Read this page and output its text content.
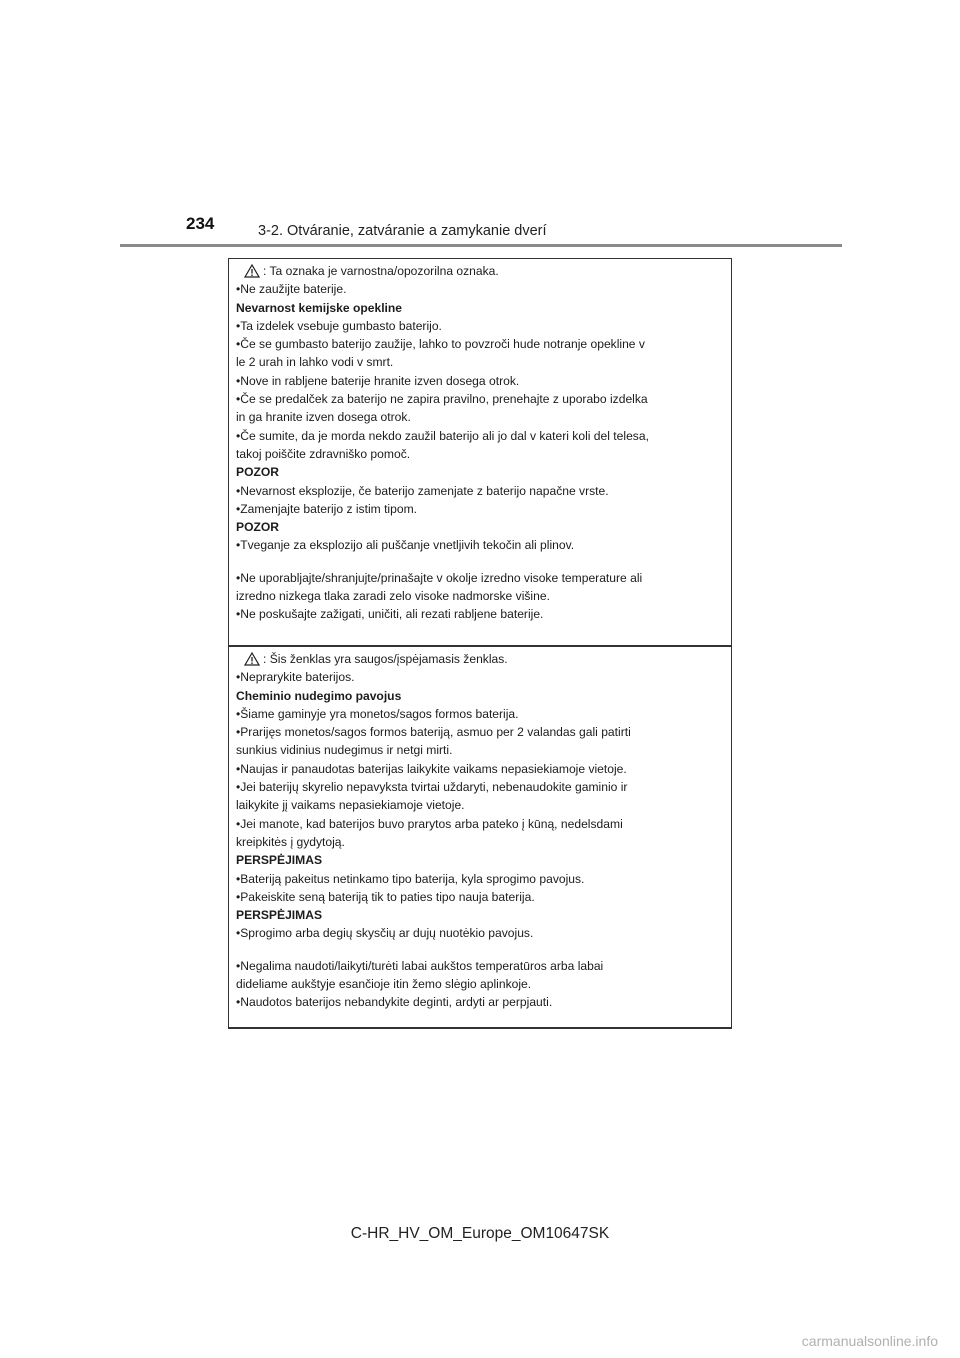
234	3-2. Otváranie, zatváranie a zamykanie dverí

: Ta oznaka je varnostna/opozorilna oznaka.

•Ne zaužijte baterije.

Nevarnost kemijske opekline

•Ta izdelek vsebuje gumbasto baterijo.

•Če se gumbasto baterijo zaužije, lahko to povzroči hude notranje opekline v

le 2 urah in lahko vodi v smrt.

•Nove in rabljene baterije hranite izven dosega otrok.

•Če se predalček za baterijo ne zapira pravilno, prenehajte z uporabo izdelka

in ga hranite izven dosega otrok.

•Če sumite, da je morda nekdo zaužil baterijo ali jo dal v kateri koli del telesa,

takoj poiščite zdravniško pomoč.

POZOR

•Nevarnost eksplozije, če baterijo zamenjate z baterijo napačne vrste.

•Zamenjajte baterijo z istim tipom.

POZOR

•Tveganje za eksplozijo ali puščanje vnetljivih tekočin ali plinov.

•Ne uporabljajte/shranjujte/prinašajte v okolje izredno visoke temperature ali

izredno nizkega tlaka zaradi zelo visoke nadmorske višine.

•Ne poskušajte zažigati, uničiti, ali rezati rabljene baterije.

: Šis ženklas yra saugos/įspėjamasis ženklas.

•Neprarykite baterijos.

Cheminio nudegimo pavojus

•Šiame gaminyje yra monetos/sagos formos baterija.

•Prarijęs monetos/sagos formos bateriją, asmuo per 2 valandas gali patirti

sunkius vidinius nudegimus ir netgi mirti.

•Naujas ir panaudotas baterijas laikykite vaikams nepasiekiamoje vietoje.

•Jei baterijų skyrelio nepavyksta tvirtai uždaryti, nebenaudokite gaminio ir

laikykite jį vaikams nepasiekiamoje vietoje.

•Jei manote, kad baterijos buvo prarytos arba pateko į kūną, nedelsdami

kreipkitės į gydytoją.

PERSPĖJIMAS

•Bateriją pakeitus netinkamo tipo baterija, kyla sprogimo pavojus.

•Pakeiskite seną bateriją tik to paties tipo nauja baterija.

PERSPĖJIMAS

•Sprogimo arba degių skysčių ar dujų nuotėkio pavojus.

•Negalima naudoti/laikyti/turėti labai aukštos temperatūros arba labai

dideliame aukštyje esančioje itin žemo slėgio aplinkoje.

•Naudotos baterijos nebandykite deginti, ardyti ar perpjauti.

C-HR_HV_OM_Europe_OM10647SK
carmanualsonline.info
